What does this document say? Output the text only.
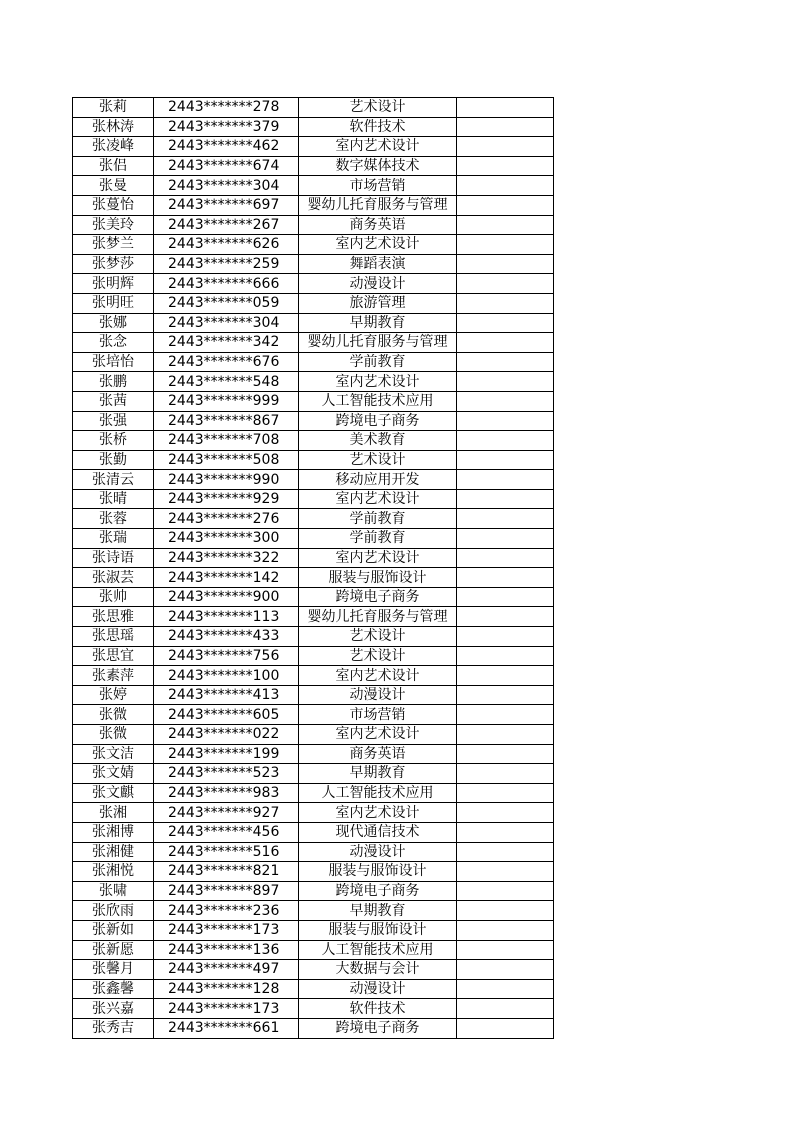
张莉	2443*******278	艺术设计	
张林涛	2443*******379	软件技术	
张凌峰	2443*******462	室内艺术设计	
张侣	2443*******674	数字媒体技术	
张曼	2443*******304	市场营销	
张蔓怡	2443*******697	婴幼儿托育服务与管理	
张美玲	2443*******267	商务英语	
张梦兰	2443*******626	室内艺术设计	
张梦莎	2443*******259	舞蹈表演	
张明辉	2443*******666	动漫设计	
张明旺	2443*******059	旅游管理	
张娜	2443*******304	早期教育	
张念	2443*******342	婴幼儿托育服务与管理	
张培怡	2443*******676	学前教育	
张鹏	2443*******548	室内艺术设计	
张茜	2443*******999	人工智能技术应用	
张强	2443*******867	跨境电子商务	
张桥	2443*******708	美术教育	
张勤	2443*******508	艺术设计	
张清云	2443*******990	移动应用开发	
张晴	2443*******929	室内艺术设计	
张蓉	2443*******276	学前教育	
张瑞	2443*******300	学前教育	
张诗语	2443*******322	室内艺术设计	
张淑芸	2443*******142	服装与服饰设计	
张帅	2443*******900	跨境电子商务	
张思雅	2443*******113	婴幼儿托育服务与管理	
张思瑶	2443*******433	艺术设计	
张思宜	2443*******756	艺术设计	
张素萍	2443*******100	室内艺术设计	
张婷	2443*******413	动漫设计	
张微	2443*******605	市场营销	
张微	2443*******022	室内艺术设计	
张文洁	2443*******199	商务英语	
张文婧	2443*******523	早期教育	
张文麒	2443*******983	人工智能技术应用	
张湘	2443*******927	室内艺术设计	
张湘博	2443*******456	现代通信技术	
张湘健	2443*******516	动漫设计	
张湘悦	2443*******821	服装与服饰设计	
张啸	2443*******897	跨境电子商务	
张欣雨	2443*******236	早期教育	
张新如	2443*******173	服装与服饰设计	
张新愿	2443*******136	人工智能技术应用	
张馨月	2443*******497	大数据与会计	
张鑫馨	2443*******128	动漫设计	
张兴嘉	2443*******173	软件技术	
张秀吉	2443*******661	跨境电子商务	
